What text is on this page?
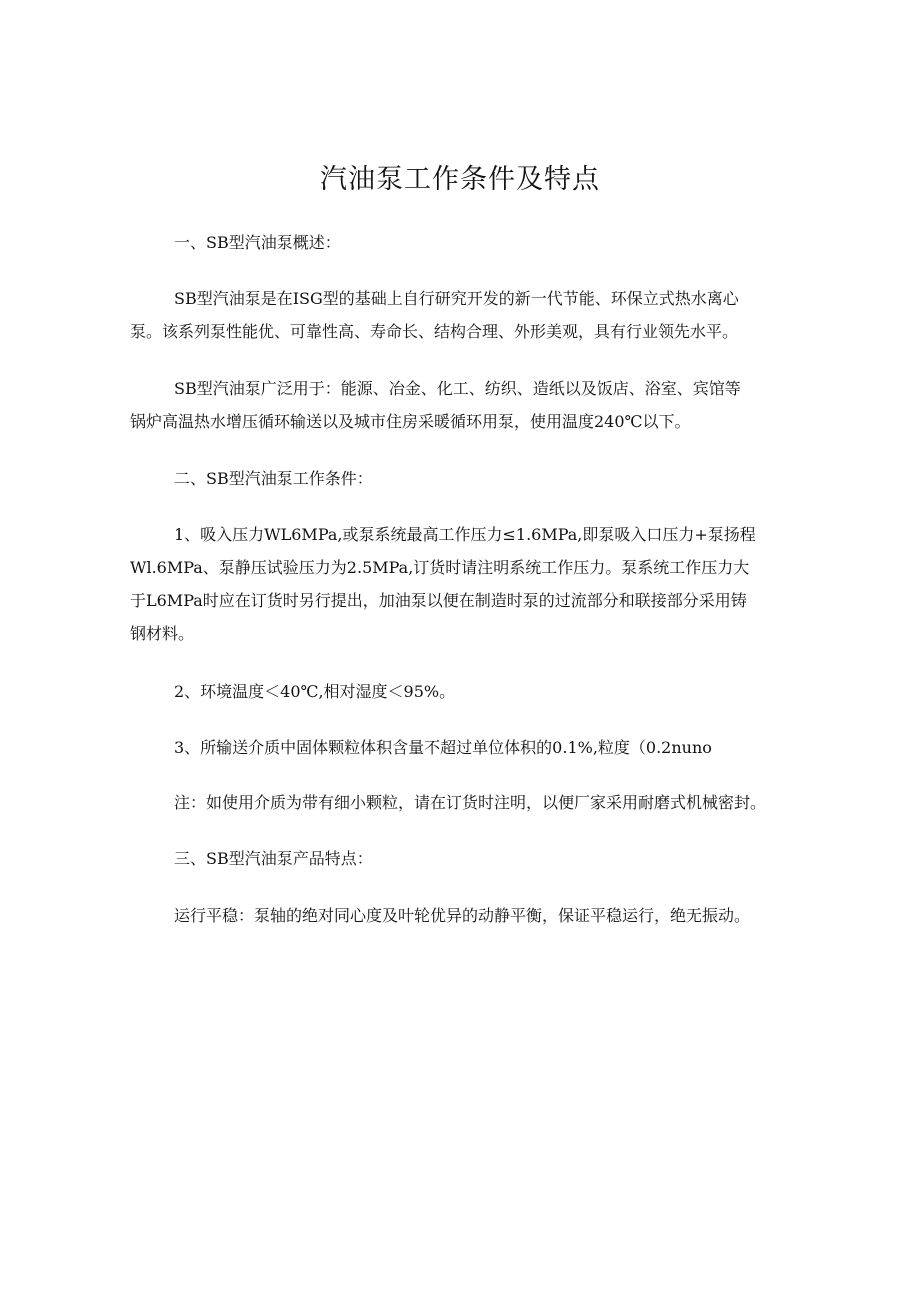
汽油泵工作条件及特点
一、SB型汽油泵概述：
SB型汽油泵是在ISG型的基础上自行研究开发的新一代节能、环保立式热水离心
泵。该系列泵性能优、可靠性高、寿命长、结构合理、外形美观，具有行业领先水平。
SB型汽油泵广泛用于：能源、冶金、化工、纺织、造纸以及饭店、浴室、宾馆等
锅炉高温热水增压循环输送以及城市住房采暖循环用泵，使用温度240℃以下。
二、SB型汽油泵工作条件：
1、吸入压力WL6MPa,或泵系统最高工作压力≤1.6MPa,即泵吸入口压力+泵扬程
Wl.6MPa、泵静压试验压力为2.5MPa,订货时请注明系统工作压力。泵系统工作压力大
于L6MPa时应在订货时另行提出，加油泵以便在制造时泵的过流部分和联接部分采用铸
钢材料。
2、环境温度＜40℃,相对湿度＜95%。
3、所输送介质中固体颗粒体积含量不超过单位体积的0.1%,粒度（0.2nuno
注：如使用介质为带有细小颗粒，请在订货时注明，以便厂家采用耐磨式机械密封。
三、SB型汽油泵产品特点：
运行平稳：泵轴的绝对同心度及叶轮优异的动静平衡，保证平稳运行，绝无振动。
